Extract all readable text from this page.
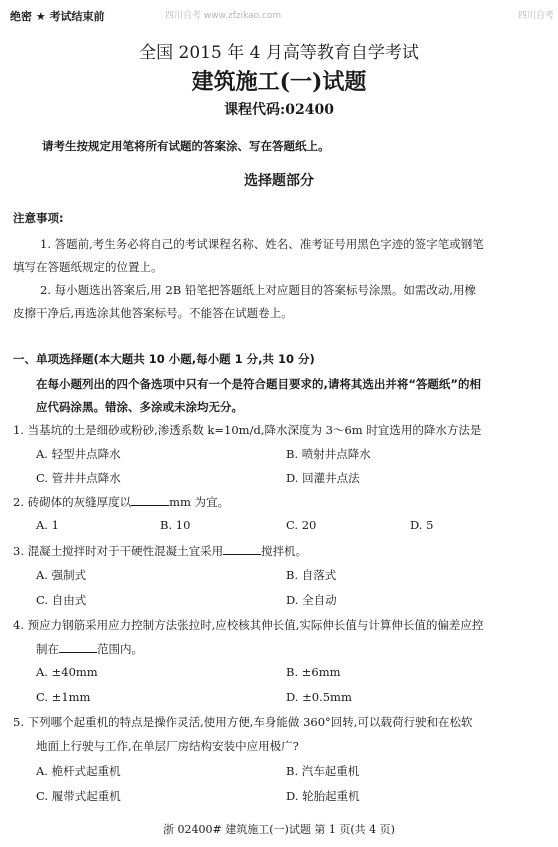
绝密 ★ 考试结束前	四川自考 www.zfzikao.com	四川自考
全国 2015 年 4 月高等教育自学考试
建筑施工(一)试题
课程代码:02400
请考生按规定用笔将所有试题的答案涂、写在答题纸上。
选择题部分
注意事项:
1. 答题前,考生务必将自己的考试课程名称、姓名、准考证号用黑色字迹的签字笔或钢笔
填写在答题纸规定的位置上。
2. 每小题选出答案后,用 2B 铅笔把答题纸上对应题目的答案标号涂黑。如需改动,用橡
皮擦干净后,再选涂其他答案标号。不能答在试题卷上。
一、单项选择题(本大题共 10 小题,每小题 1 分,共 10 分)
在每小题列出的四个备选项中只有一个是符合题目要求的,请将其选出并将“答题纸”的相
应代码涂黑。错涂、多涂或未涂均无分。
1. 当基坑的土是细砂或粉砂,渗透系数 k=10m/d,降水深度为 3～6m 时宜选用的降水方法是
A. 轻型井点降水	B. 喷射井点降水
C. 管井井点降水	D. 回灌井点法
2. 砖砌体的灰缝厚度以	mm 为宜。
A. 1	B. 10	C. 20	D. 5
3. 混凝土搅拌时对于干硬性混凝土宜采用	搅拌机。
A. 强制式	B. 自落式
C. 自由式	D. 全自动
4. 预应力钢筋采用应力控制方法张拉时,应校核其伸长值,实际伸长值与计算伸长值的偏差应控
制在	范围内。
A. ±40mm	B. ±6mm
C. ±1mm	D. ±0.5mm
5. 下列哪个起重机的特点是操作灵活,使用方便,车身能做 360°回转,可以载荷行驶和在松软
地面上行驶与工作,在单层厂房结构安装中应用极广?
A. 桅杆式起重机	B. 汽车起重机
C. 履带式起重机	D. 轮胎起重机
浙 02400# 建筑施工(一)试题 第 1 页(共 4 页)
